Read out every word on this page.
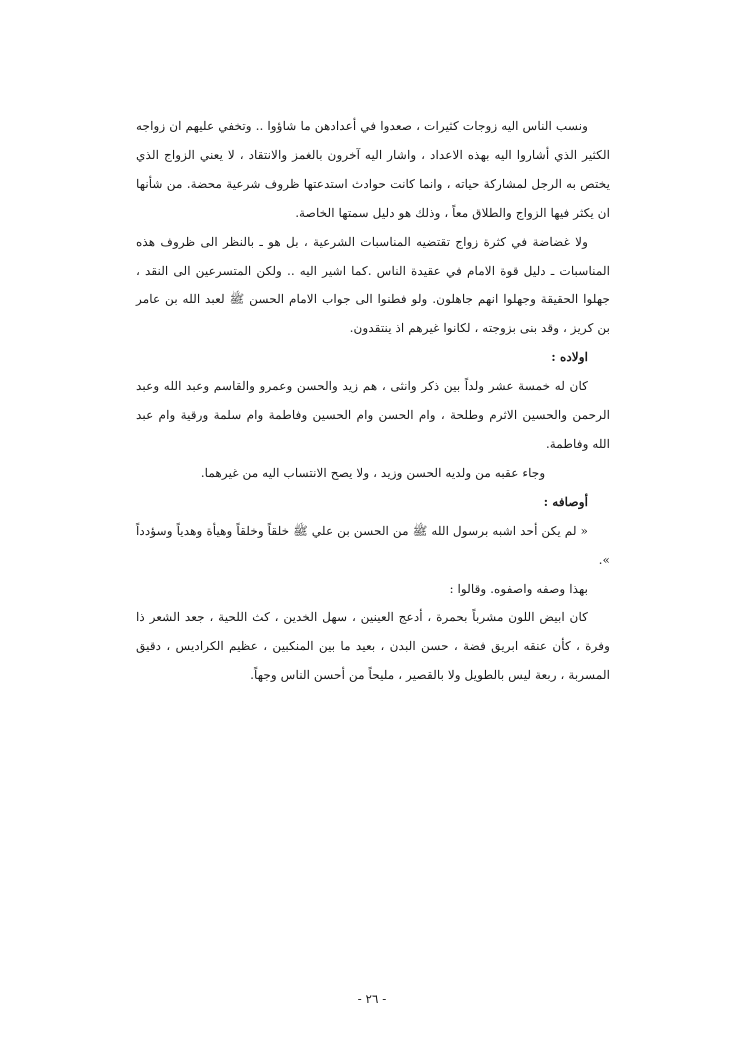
ونسب الناس اليه زوجات كثيرات ، صعدوا في أعدادهن ما شاؤوا .. وتخفي عليهم ان زواجه الكثير الذي أشاروا اليه بهذه الاعداد ، واشار اليه آخرون بالغمز والانتقاد ، لا يعني الزواج الذي يختص به الرجل لمشاركة حياته ، وانما كانت حوادث استدعتها ظروف شرعية محضة. من شأنها ان يكثر فيها الزواج والطلاق معاً ، وذلك هو دليل سمتها الخاصة.

ولا غضاضة في كثرة زواج تقتضيه المناسبات الشرعية ، بل هو ـ بالنظر الى ظروف هذه المناسبات ـ دليل قوة الامام في عقيدة الناس .كما اشير اليه .. ولكن المتسرعين الى النقد ، جهلوا الحقيقة وجهلوا انهم جاهلون. ولو فطنوا الى جواب الامام الحسن ﷺ لعبد الله بن عامر بن كريز ، وقد بنى بزوجته ، لكانوا غيرهم اذ ينتقدون.

اولاده :

كان له خمسة عشر ولداً بين ذكر وانثى ، هم زيد والحسن وعمرو والقاسم وعبد الله وعبد الرحمن والحسين الاثرم وطلحة ، وام الحسن وام الحسين وفاطمة وام سلمة ورقية وام عبد الله وفاطمة.

وجاء عقبه من ولديه الحسن وزيد ، ولا يصح الانتساب اليه من غيرهما.

أوصافه :

« لم يكن أحد اشبه برسول الله ﷺ من الحسن بن علي ﷺ خلقاً وخلقاً وهيأة وهدياً وسؤدداً ».

بهذا وصفه واصفوه. وقالوا :

كان ابيض اللون مشرباً بحمرة ، أدعج العينين ، سهل الخدين ، كث اللحية ، جعد الشعر ذا وفرة ، كأن عنقه ابريق فضة ، حسن البدن ، بعيد ما بين المنكبين ، عظيم الكراديس ، دقيق المسربة ، ربعة ليس بالطويل ولا بالقصير ، مليحاً من أحسن الناس وجهاً.

- ٢٦ -
